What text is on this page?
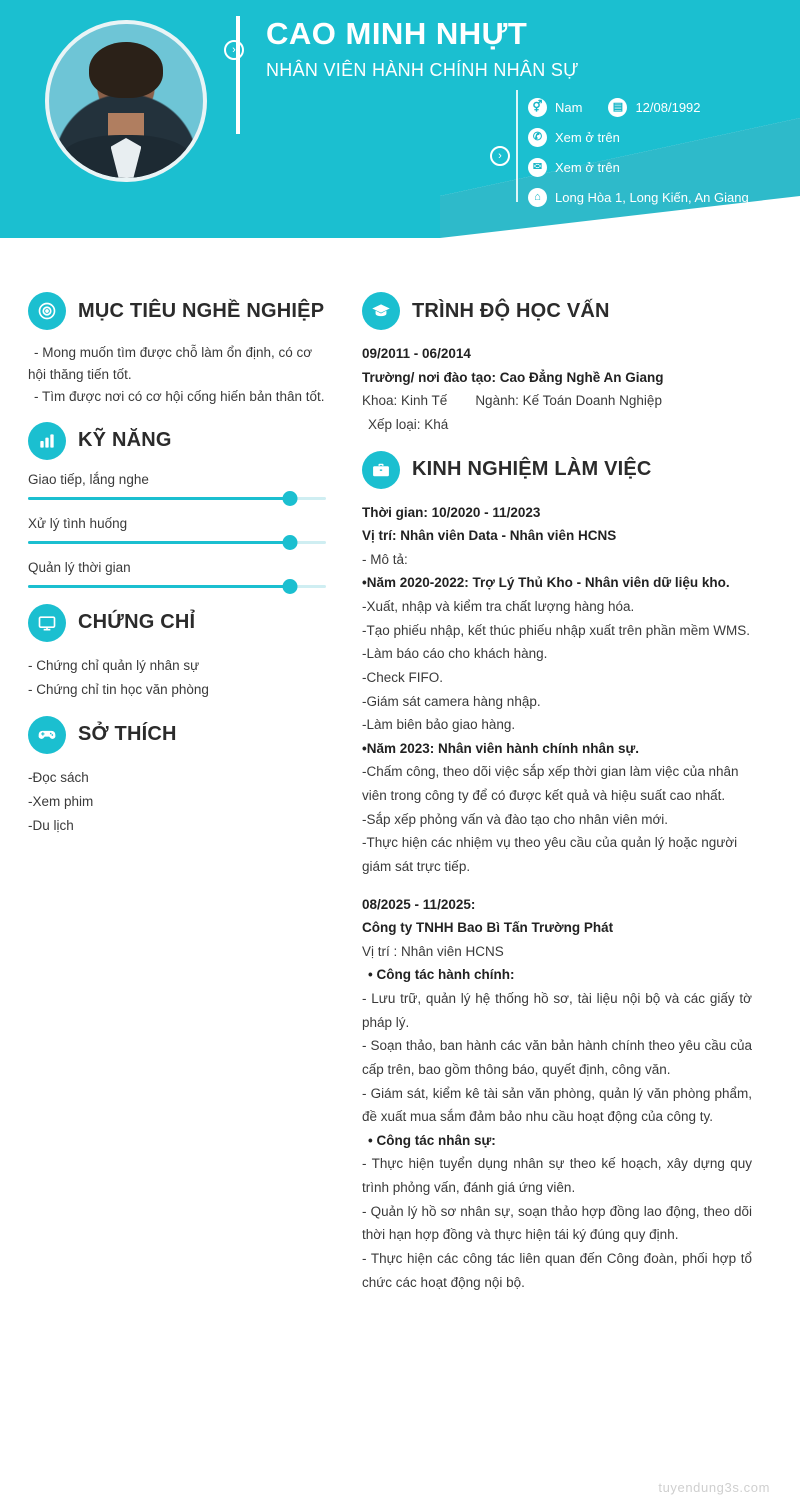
›
›
CAO MINH NHỰT
NHÂN VIÊN HÀNH CHÍNH NHÂN SỰ
⚥ Nam	▤ 12/08/1992
✆ Xem ở trên
✉ Xem ở trên
⌂	Long Hòa 1, Long Kiến, An Giang
MỤC TIÊU NGHỀ NGHIỆP
- Mong muốn tìm được chỗ làm ổn định, có cơ hội thăng tiến tốt.
- Tìm được nơi có cơ hội cống hiến bản thân tốt.
KỸ NĂNG
Giao tiếp, lắng nghe
Xử lý tình huống
Quản lý thời gian
CHỨNG CHỈ
- Chứng chỉ quản lý nhân sự
- Chứng chỉ tin học văn phòng
SỞ THÍCH
-Đọc sách
-Xem phim
-Du lịch
TRÌNH ĐỘ HỌC VẤN
09/2011 - 06/2014
Trường/ nơi đào tạo: Cao Đẳng Nghề An Giang
Khoa: Kinh Tế Ngành: Kế Toán Doanh Nghiệp
Xếp loại: Khá
KINH NGHIỆM LÀM VIỆC
Thời gian: 10/2020 - 11/2023
Vị trí: Nhân viên Data - Nhân viên HCNS
- Mô tả:
•Năm 2020-2022: Trợ Lý Thủ Kho - Nhân viên dữ liệu kho.
-Xuất, nhập và kiểm tra chất lượng hàng hóa.
-Tạo phiếu nhập, kết thúc phiếu nhập xuất trên phần mềm WMS.
-Làm báo cáo cho khách hàng.
-Check FIFO.
-Giám sát camera hàng nhập.
-Làm biên bảo giao hàng.
•Năm 2023: Nhân viên hành chính nhân sự.
-Chấm công, theo dõi việc sắp xếp thời gian làm việc của nhân viên trong công ty để có được kết quả và hiệu suất cao nhất.
-Sắp xếp phỏng vấn và đào tạo cho nhân viên mới.
-Thực hiện các nhiệm vụ theo yêu cầu của quản lý hoặc người giám sát trực tiếp.
08/2025 - 11/2025:
Công ty TNHH Bao Bì Tấn Trường Phát
Vị trí : Nhân viên HCNS
• Công tác hành chính:
- Lưu trữ, quản lý hệ thống hồ sơ, tài liệu nội bộ và các giấy tờ pháp lý.
- Soạn thảo, ban hành các văn bản hành chính theo yêu cầu của cấp trên, bao gồm thông báo, quyết định, công văn.
- Giám sát, kiểm kê tài sản văn phòng, quản lý văn phòng phẩm, đề xuất mua sắm đảm bảo nhu cầu hoạt động của công ty.
• Công tác nhân sự:
- Thực hiện tuyển dụng nhân sự theo kế hoạch, xây dựng quy trình phỏng vấn, đánh giá ứng viên.
- Quản lý hồ sơ nhân sự, soạn thảo hợp đồng lao động, theo dõi thời hạn hợp đồng và thực hiện tái ký đúng quy định.
- Thực hiện các công tác liên quan đến Công đoàn, phối hợp tổ chức các hoạt động nội bộ.
tuyendung3s.com
